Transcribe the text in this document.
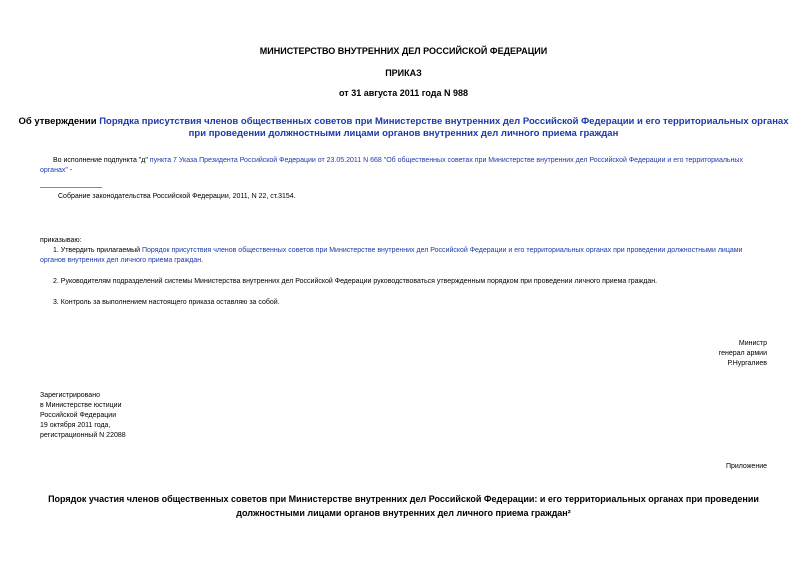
МИНИСТЕРСТВО ВНУТРЕННИХ ДЕЛ РОССИЙСКОЙ ФЕДЕРАЦИИ
ПРИКАЗ
от 31 августа 2011 года N 988
Об утверждении Порядка присутствия членов общественных советов при Министерстве внутренних дел Российской Федерации и его территориальных органах
при проведении должностными лицами органов внутренних дел личного приема граждан
Во исполнение подпункта "д" пункта 7 Указа Президента Российской Федерации от 23.05.2011 N 668 "Об общественных советах при Министерстве внутренних дел Российской Федерации и его территориальных
органах" -
________________
Собрание законодательства Российской Федерации, 2011, N 22, ст.3154.
приказываю:
1. Утвердить прилагаемый Порядок присутствия членов общественных советов при Министерстве внутренних дел Российской Федерации и его территориальных органах при проведении должностными лицами
органов внутренних дел личного приема граждан.
2. Руководителям подразделений системы Министерства внутренних дел Российской Федерации руководствоваться утвержденным порядком при проведении личного приема граждан.
3. Контроль за выполнением настоящего приказа оставляю за собой.
Министр
генерал армии
Р.Нургалиев
Зарегистрировано
в Министерстве юстиции
Российской Федерации
19 октября 2011 года,
регистрационный N 22088
Приложение
Порядок участия членов общественных советов при Министерстве внутренних дел Российской Федерации: и его территориальных органах при проведении
должностными лицами органов внутренних дел личного приема граждан²
